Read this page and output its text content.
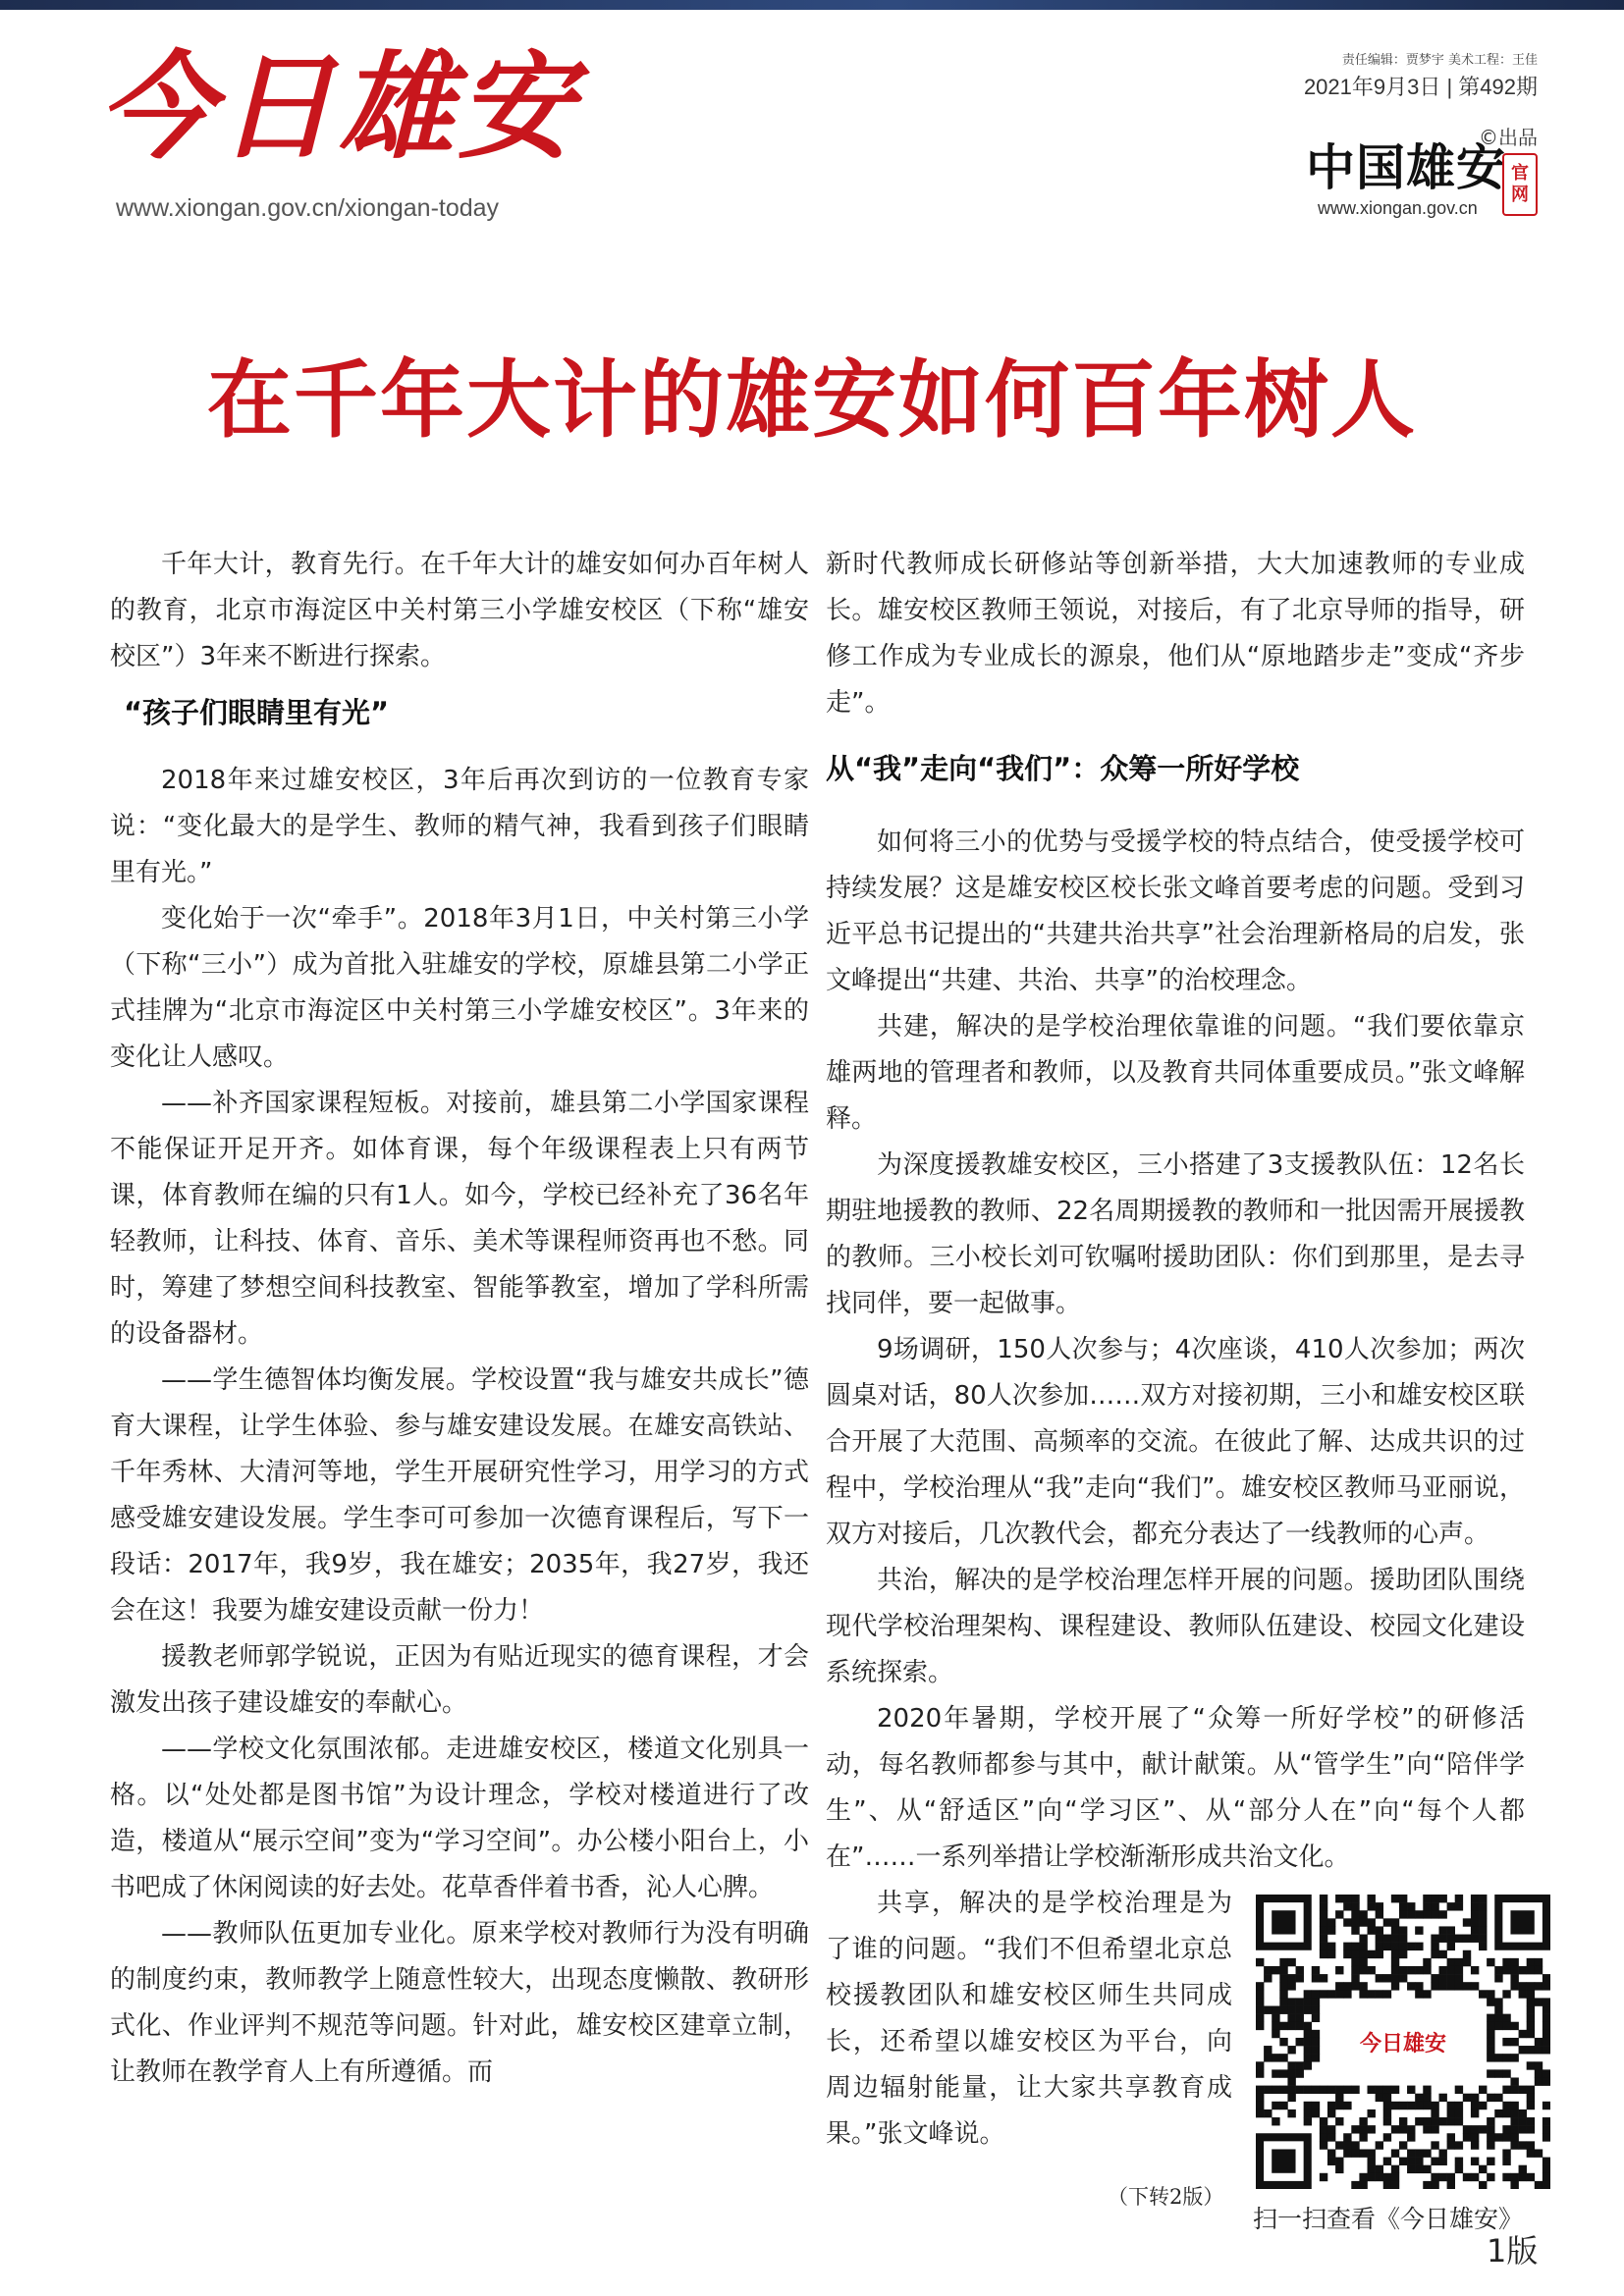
今日雄安
www.xiongan.gov.cn/xiongan-today
责任编辑：贾梦宇 美术工程：王佳
2021年9月3日 | 第492期
©出品
中国雄安 官
网
www.xiongan.gov.cn
在千年大计的雄安如何百年树人

千年大计，教育先行。在千年大计的雄安如何办百年树人的教育，北京市海淀区中关村第三小学雄安校区（下称“雄安校区”）3年来不断进行探索。

“孩子们眼睛里有光”

2018年来过雄安校区，3年后再次到访的一位教育专家说：“变化最大的是学生、教师的精气神，我看到孩子们眼睛里有光。”

变化始于一次“牵手”。2018年3月1日，中关村第三小学（下称“三小”）成为首批入驻雄安的学校，原雄县第二小学正式挂牌为“北京市海淀区中关村第三小学雄安校区”。3年来的变化让人感叹。

——补齐国家课程短板。对接前，雄县第二小学国家课程不能保证开足开齐。如体育课，每个年级课程表上只有两节课，体育教师在编的只有1人。如今，学校已经补充了36名年轻教师，让科技、体育、音乐、美术等课程师资再也不愁。同时，筹建了梦想空间科技教室、智能筝教室，增加了学科所需的设备器材。

——学生德智体均衡发展。学校设置“我与雄安共成长”德育大课程，让学生体验、参与雄安建设发展。在雄安高铁站、千年秀林、大清河等地，学生开展研究性学习，用学习的方式感受雄安建设发展。学生李可可参加一次德育课程后，写下一段话：2017年，我9岁，我在雄安；2035年，我27岁，我还会在这！我要为雄安建设贡献一份力！

援教老师郭学锐说，正因为有贴近现实的德育课程，才会激发出孩子建设雄安的奉献心。

——学校文化氛围浓郁。走进雄安校区，楼道文化别具一格。以“处处都是图书馆”为设计理念，学校对楼道进行了改造，楼道从“展示空间”变为“学习空间”。办公楼小阳台上，小书吧成了休闲阅读的好去处。花草香伴着书香，沁人心脾。

——教师队伍更加专业化。原来学校对教师行为没有明确的制度约束，教师教学上随意性较大，出现态度懒散、教研形式化、作业评判不规范等问题。针对此，雄安校区建章立制，让教师在教学育人上有所遵循。而

新时代教师成长研修站等创新举措，大大加速教师的专业成长。雄安校区教师王领说，对接后，有了北京导师的指导，研修工作成为专业成长的源泉，他们从“原地踏步走”变成“齐步走”。

从“我”走向“我们”：众筹一所好学校

如何将三小的优势与受援学校的特点结合，使受援学校可持续发展？这是雄安校区校长张文峰首要考虑的问题。受到习近平总书记提出的“共建共治共享”社会治理新格局的启发，张文峰提出“共建、共治、共享”的治校理念。

共建，解决的是学校治理依靠谁的问题。“我们要依靠京雄两地的管理者和教师，以及教育共同体重要成员。”张文峰解释。

为深度援教雄安校区，三小搭建了3支援教队伍：12名长期驻地援教的教师、22名周期援教的教师和一批因需开展援教的教师。三小校长刘可钦嘱咐援助团队：你们到那里，是去寻找同伴，要一起做事。

9场调研，150人次参与；4次座谈，410人次参加；两次圆桌对话，80人次参加……双方对接初期，三小和雄安校区联合开展了大范围、高频率的交流。在彼此了解、达成共识的过程中，学校治理从“我”走向“我们”。雄安校区教师马亚丽说，双方对接后，几次教代会，都充分表达了一线教师的心声。

共治，解决的是学校治理怎样开展的问题。援助团队围绕现代学校治理架构、课程建设、教师队伍建设、校园文化建设系统探索。

2020年暑期，学校开展了“众筹一所好学校”的研修活动，每名教师都参与其中，献计献策。从“管学生”向“陪伴学生”、从“舒适区”向“学习区”、从“部分人在”向“每个人都在”……一系列举措让学校渐渐形成共治文化。

共享，解决的是学校治理是为了谁的问题。“我们不但希望北京总校援教团队和雄安校区师生共同成长，还希望以雄安校区为平台，向周边辐射能量，让大家共享教育成果。”张文峰说。

今日雄安
（下转2版）
扫一扫查看《今日雄安》
1版
